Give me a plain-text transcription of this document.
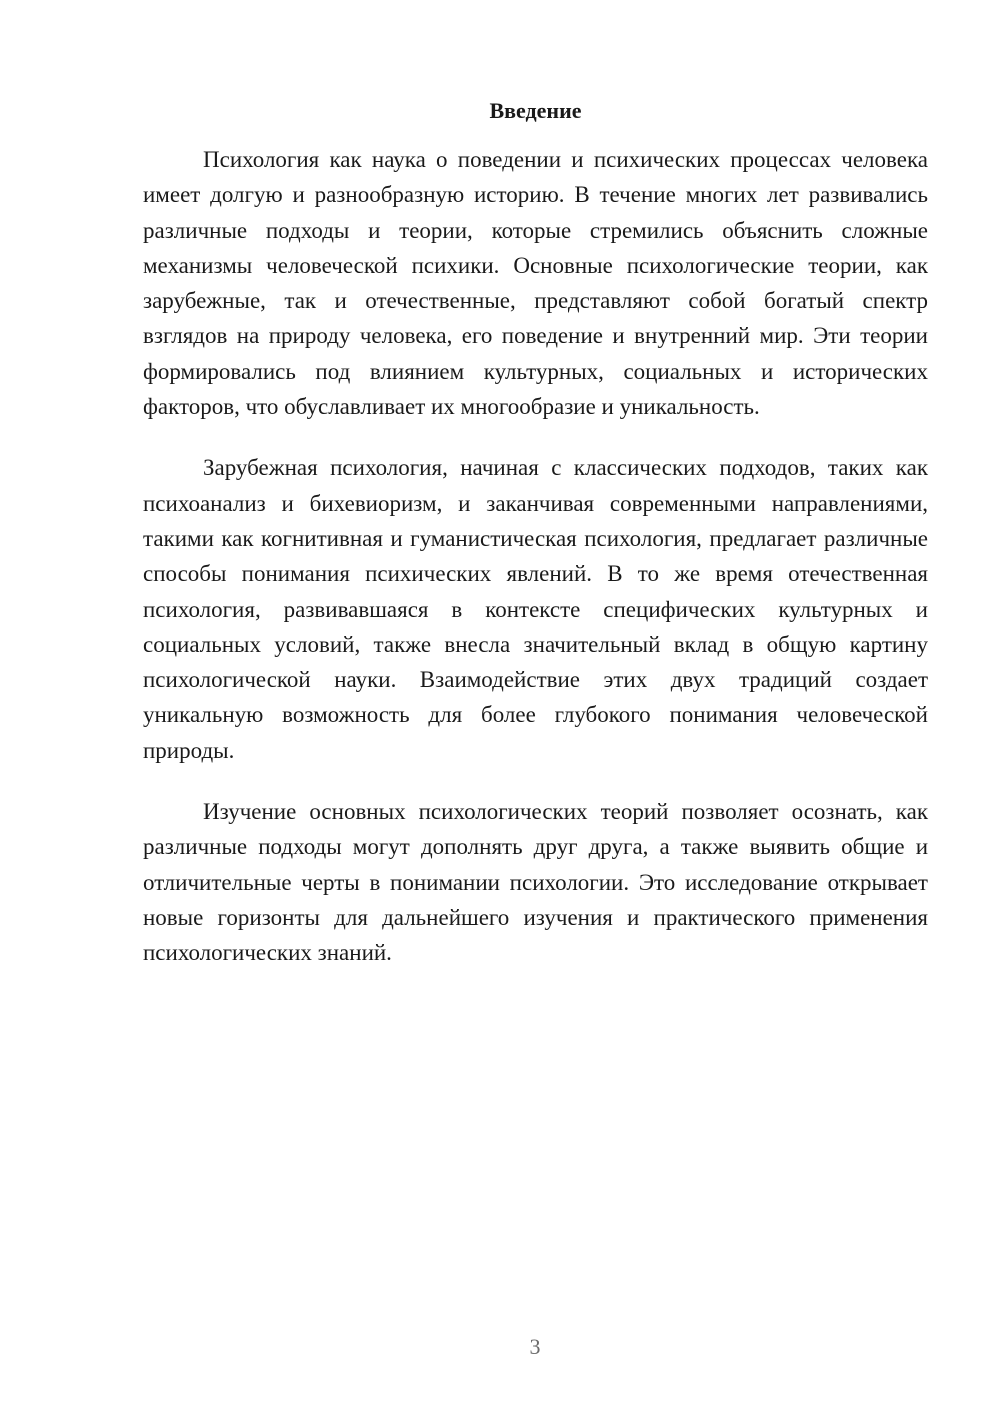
Введение

Психология как наука о поведении и психических процессах человека имеет долгую и разнообразную историю. В течение многих лет развивались различные подходы и теории, которые стремились объяснить сложные механизмы человеческой психики. Основные психологические теории, как зарубежные, так и отечественные, представляют собой богатый спектр взглядов на природу человека, его поведение и внутренний мир. Эти теории формировались под влиянием культурных, социальных и исторических факторов, что обуславливает их многообразие и уникальность.

Зарубежная психология, начиная с классических подходов, таких как психоанализ и бихевиоризм, и заканчивая современными направлениями, такими как когнитивная и гуманистическая психология, предлагает различные способы понимания психических явлений. В то же время отечественная психология, развивавшаяся в контексте специфических культурных и социальных условий, также внесла значительный вклад в общую картину психологической науки. Взаимодействие этих двух традиций создает уникальную возможность для более глубокого понимания человеческой природы.

Изучение основных психологических теорий позволяет осознать, как различные подходы могут дополнять друг друга, а также выявить общие и отличительные черты в понимании психологии. Это исследование открывает новые горизонты для дальнейшего изучения и практического применения психологических знаний.

3
